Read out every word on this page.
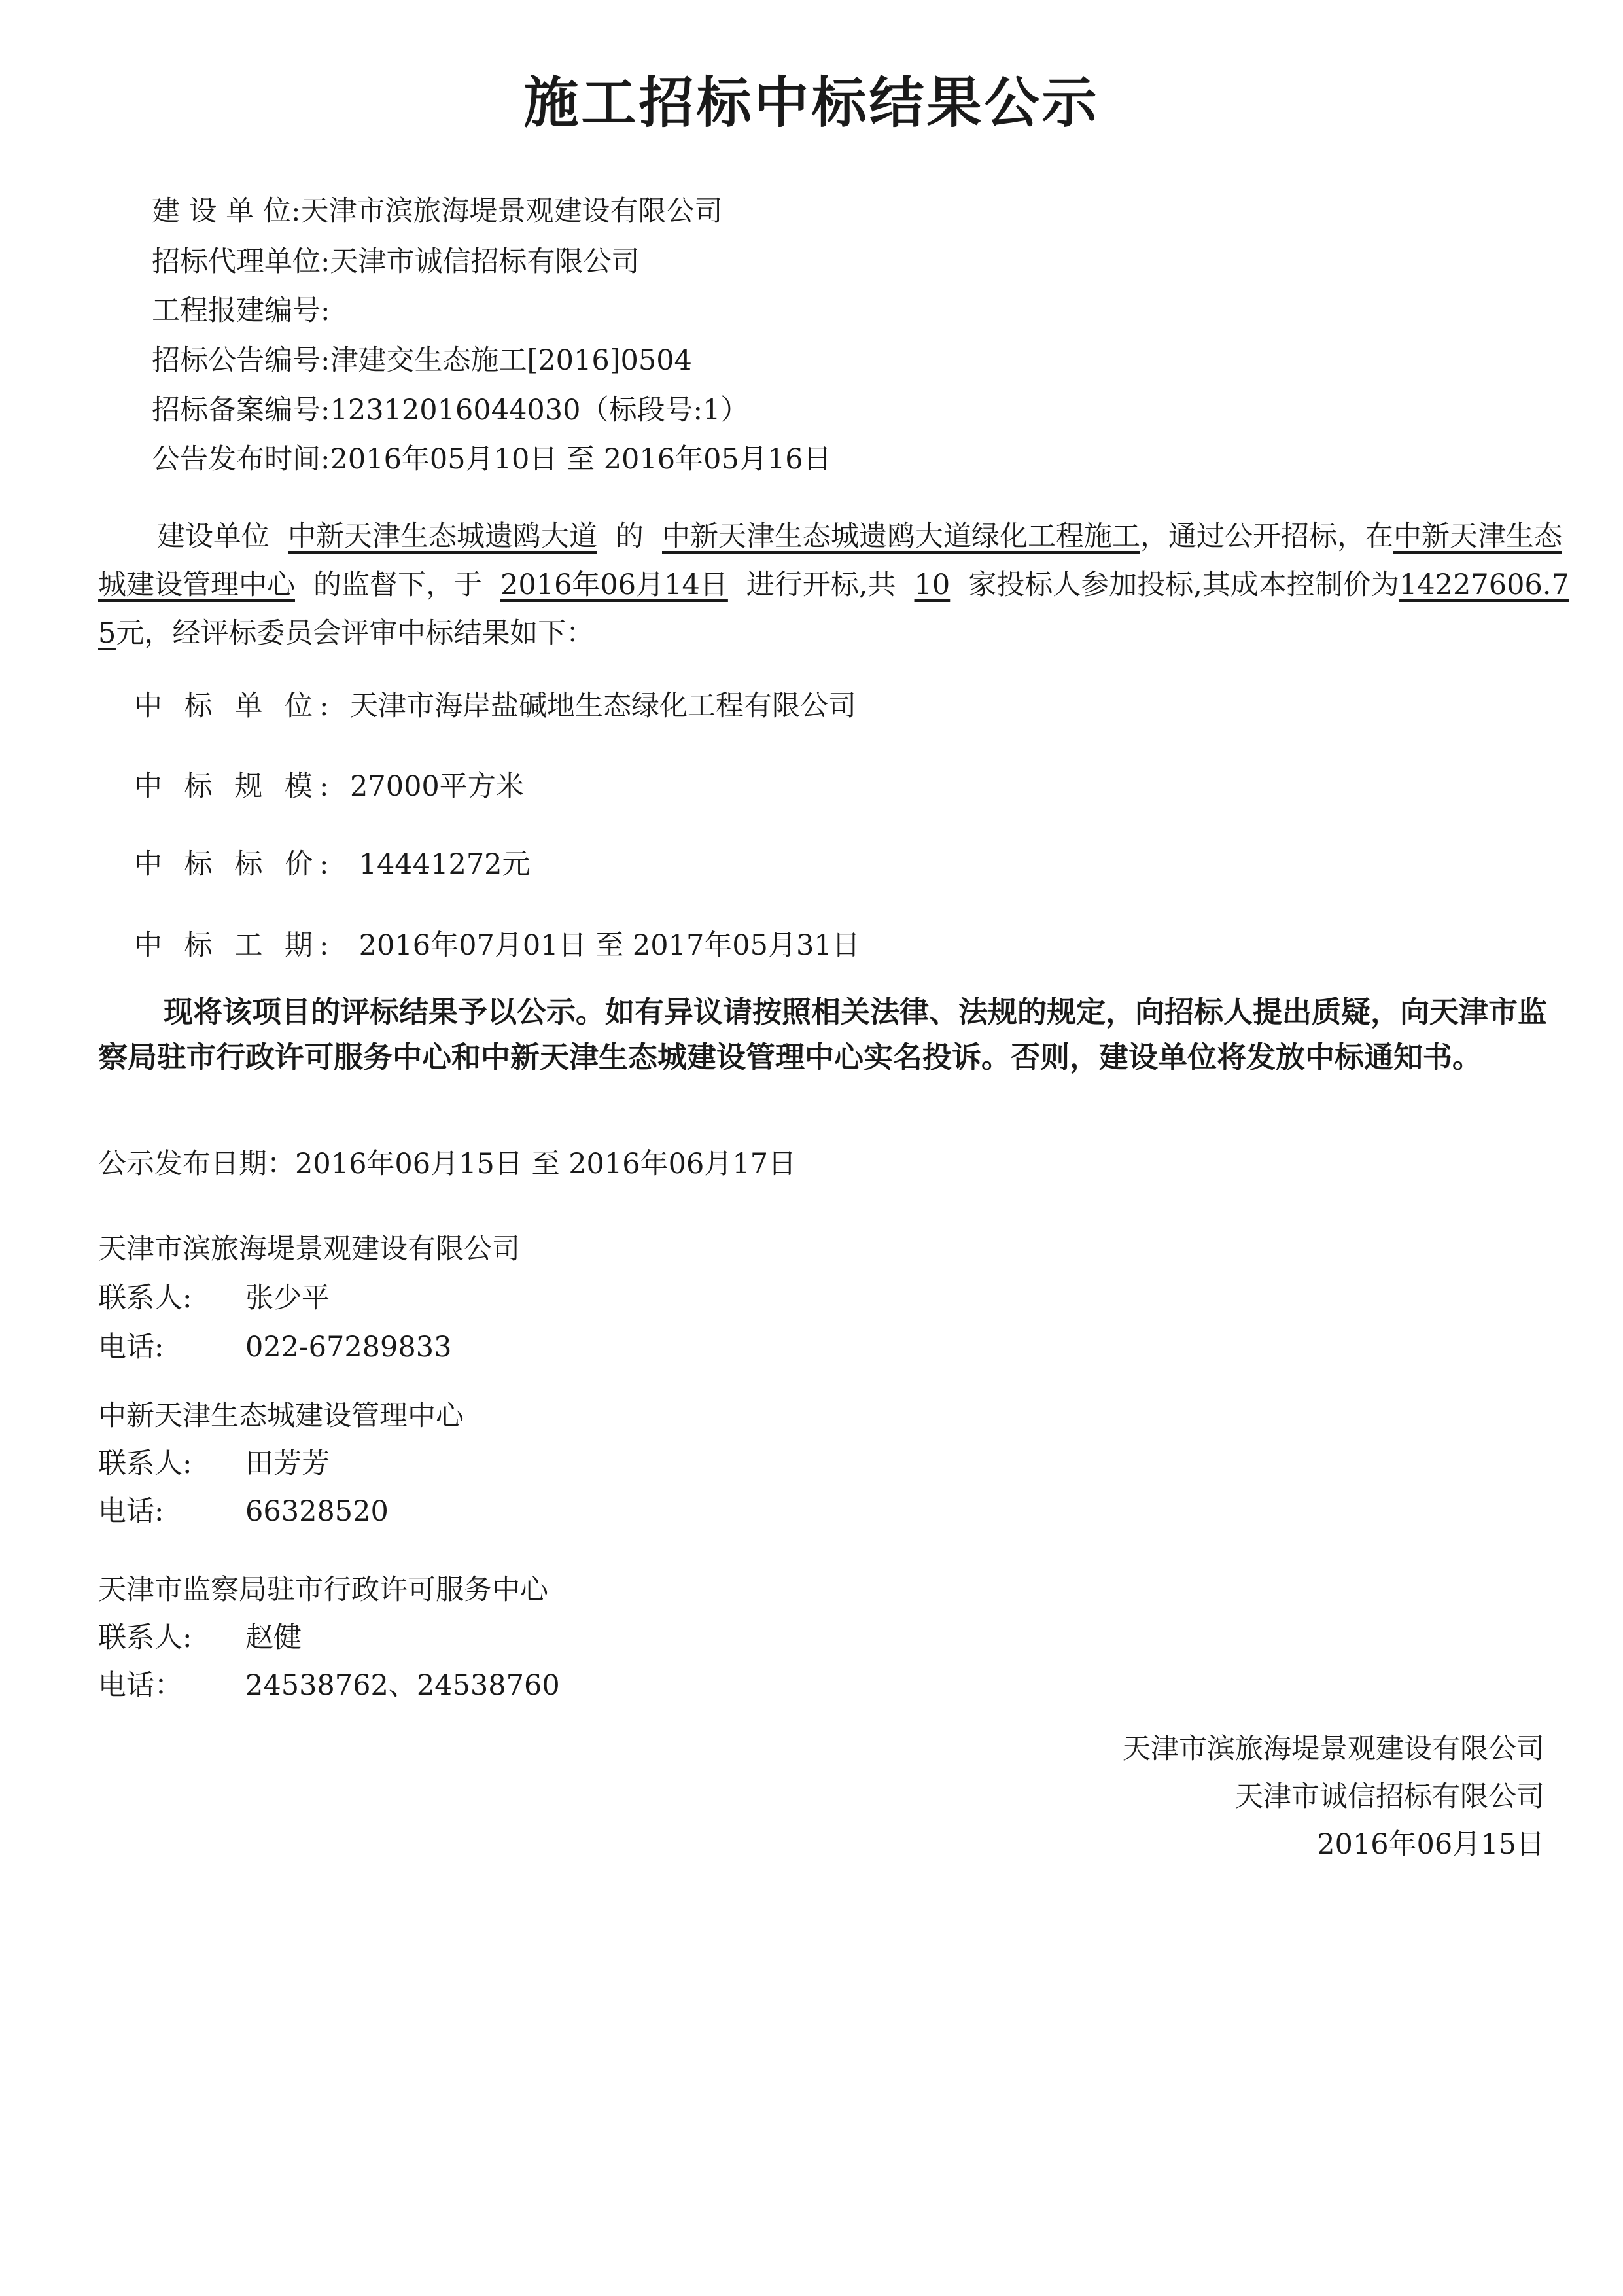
施工招标中标结果公示
建 设 单 位:天津市滨旅海堤景观建设有限公司
招标代理单位:天津市诚信招标有限公司
工程报建编号:
招标公告编号:津建交生态施工[2016]0504
招标备案编号:12312016044030（标段号:1）
公告发布时间:2016年05月10日 至 2016年05月16日
建设单位 中新天津生态城遗鸥大道 的 中新天津生态城遗鸥大道绿化工程施工，通过公开招标，在中新天津生态城建设管理中心 的监督下，于 2016年06月14日 进行开标,共 10 家投标人参加投标,其成本控制价为14227606.75元，经评标委员会评审中标结果如下：
中 标 单 位: 天津市海岸盐碱地生态绿化工程有限公司
中 标 规 模: 27000平方米
中 标 标 价: 14441272元
中 标 工 期: 2016年07月01日 至 2017年05月31日
现将该项目的评标结果予以公示。如有异议请按照相关法律、法规的规定，向招标人提出质疑，向天津市监察局驻市行政许可服务中心和中新天津生态城建设管理中心实名投诉。否则，建设单位将发放中标通知书。
公示发布日期：2016年06月15日 至 2016年06月17日
天津市滨旅海堤景观建设有限公司
联系人: 张少平
电话:	022-67289833
中新天津生态城建设管理中心
联系人: 田芳芳
电话:	66328520
天津市监察局驻市行政许可服务中心
联系人: 赵健
电话： 24538762、24538760
天津市滨旅海堤景观建设有限公司
天津市诚信招标有限公司
2016年06月15日
